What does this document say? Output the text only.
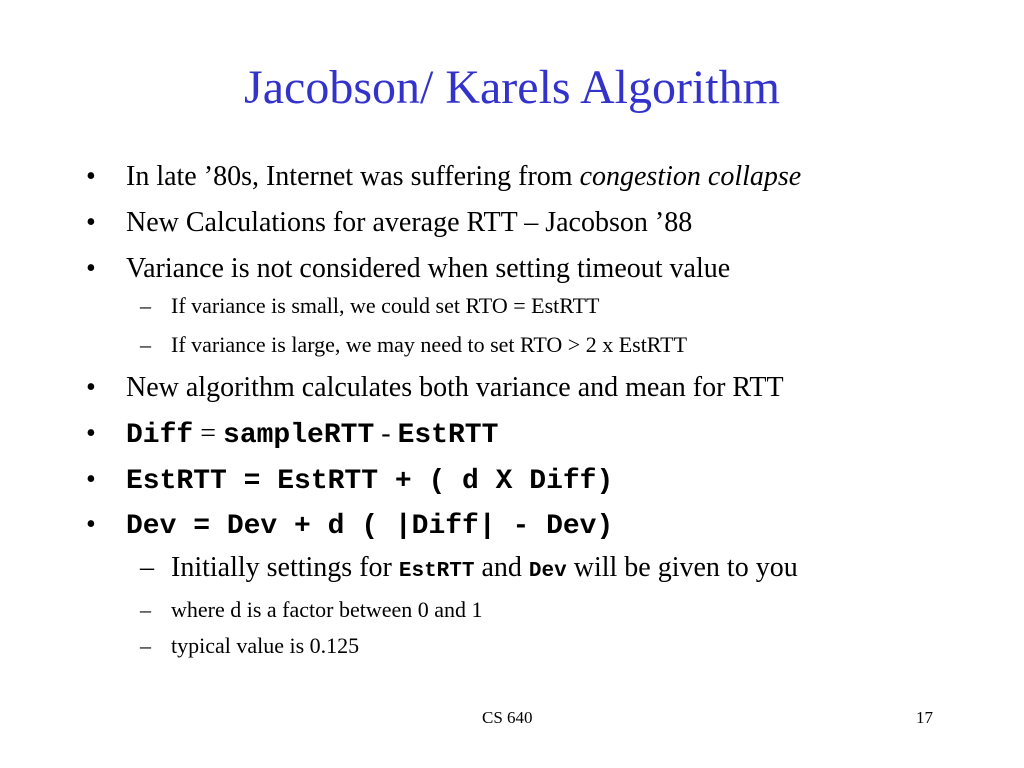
Jacobson/ Karels Algorithm
• In late ’80s, Internet was suffering from congestion collapse
• New Calculations for average RTT – Jacobson ’88
• Variance is not considered when setting timeout value
– If variance is small, we could set RTO = EstRTT
– If variance is large, we may need to set RTO > 2 x EstRTT
• New algorithm calculates both variance and mean for RTT
• Diff = sampleRTT - EstRTT
• EstRTT = EstRTT + ( d X Diff)
• Dev = Dev + d ( |Diff| - Dev)
– Initially settings for EstRTT and Dev will be given to you
– where d is a factor between 0 and 1
– typical value is 0.125
CS 640	17
